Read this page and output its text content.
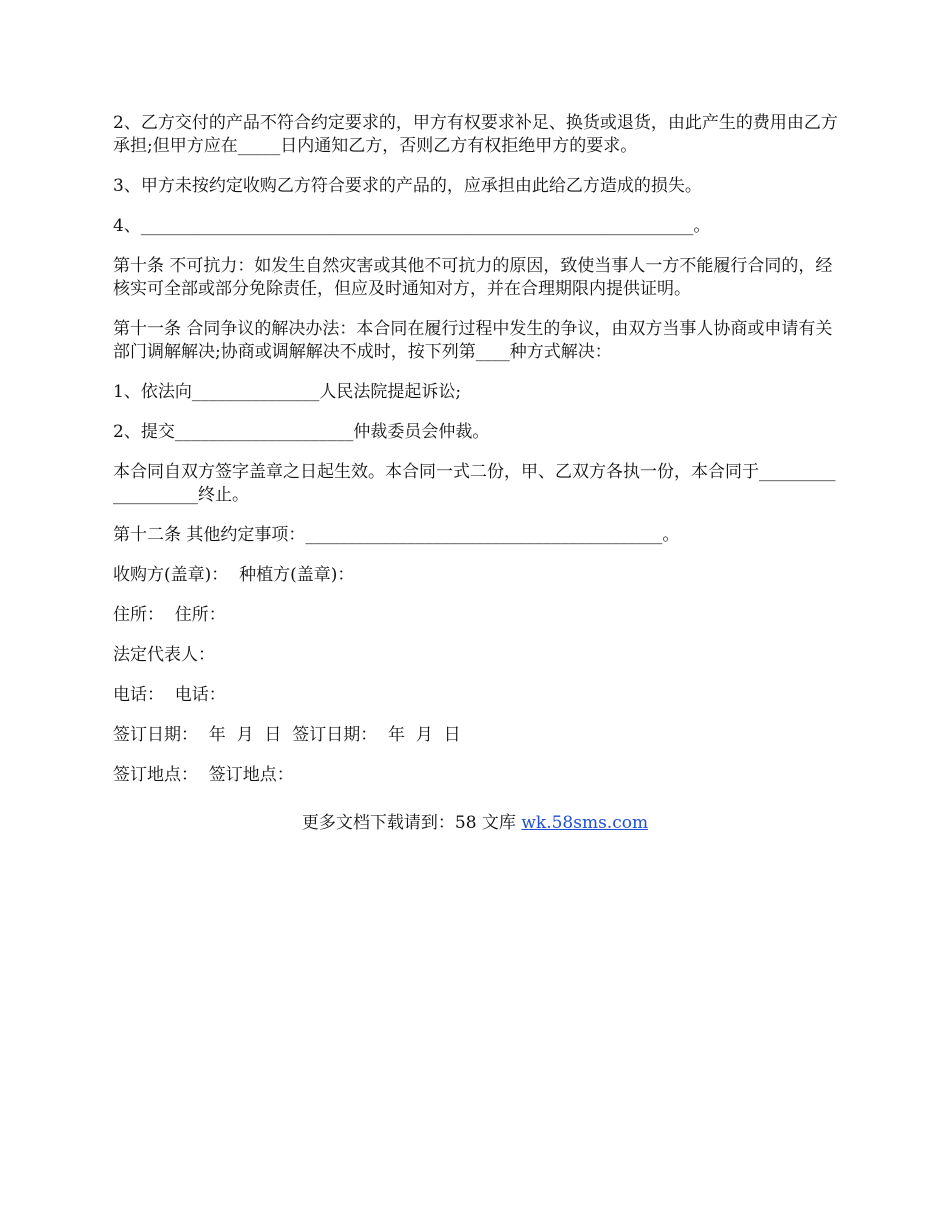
2、乙方交付的产品不符合约定要求的，甲方有权要求补足、换货或退货，由此产生的费用由乙方承担;但甲方应在_____日内通知乙方，否则乙方有权拒绝甲方的要求。

3、甲方未按约定收购乙方符合要求的产品的，应承担由此给乙方造成的损失。

4、_________________________________________________________________。

第十条 不可抗力：如发生自然灾害或其他不可抗力的原因，致使当事人一方不能履行合同的，经核实可全部或部分免除责任，但应及时通知对方，并在合理期限内提供证明。

第十一条 合同争议的解决办法：本合同在履行过程中发生的争议，由双方当事人协商或申请有关部门调解解决;协商或调解解决不成时，按下列第____种方式解决：

1、依法向_______________人民法院提起诉讼;

2、提交_____________________仲裁委员会仲裁。

本合同自双方签字盖章之日起生效。本合同一式二份，甲、乙双方各执一份，本合同于___________________终止。

第十二条 其他约定事项：__________________________________________。

收购方(盖章)：  种植方(盖章)：

住所：  住所：

法定代表人：

电话：  电话：

签订日期：  年  月  日  签订日期：  年  月  日

签订地点：  签订地点：

更多文档下载请到：58 文库 wk.58sms.com
